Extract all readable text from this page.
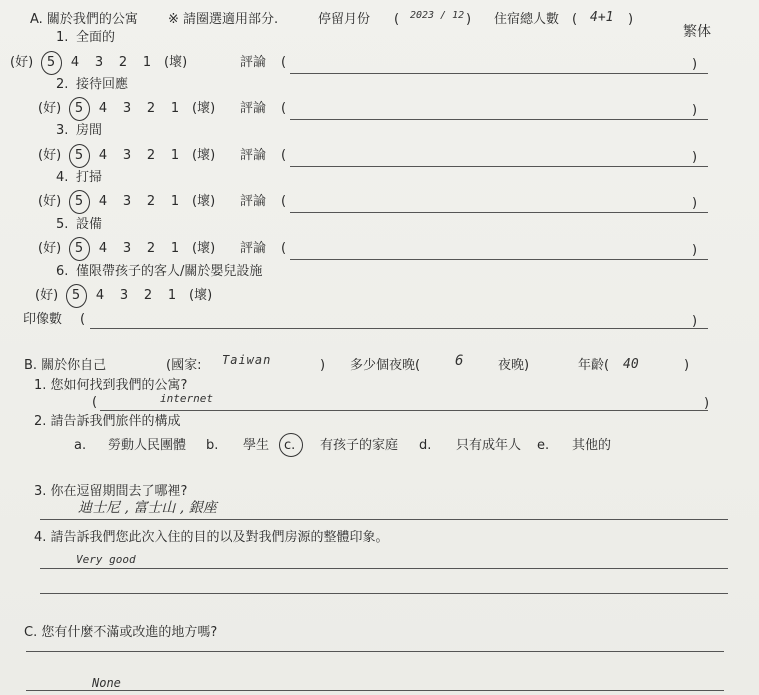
A. 關於我們的公寓 ※ 請圈選適用部分.	停留月份 ( 2023 / 12 ) 住宿總人數 ( 4+1 )
繁体
1. 全面的
(好) 5 4 3 2 1 (壞)	評論 (	)
2. 接待回應
(好) 5 4 3 2 1 (壞) 評論 (	)
3. 房間
(好) 5 4 3 2 1 (壞) 評論 (	)
4. 打掃
(好) 5 4 3 2 1 (壞) 評論 (	)
5. 設備
(好) 5 4 3 2 1 (壞) 評論 (	)
6. 僅限帶孩子的客人/關於嬰兒設施
(好) 5 4 3 2 1 (壞)
印像數 (	)
B. 關於你自己	(國家: Taiwan	) 多少個夜晚( 6	夜晚)	年齡( 40	)
1. 您如何找到我們的公寓?
(	internet	)
2. 請告訴我們旅伴的構成
a. 勞動人民團體 b. 學生 c. 有孩子的家庭 d. 只有成年人 e. 其他的
3. 你在逗留期間去了哪裡?
迪士尼 , 富士山 , 銀座
4. 請告訴我們您此次入住的目的以及對我們房源的整體印象。
Very good
C. 您有什麼不滿或改進的地方嗎?
None
